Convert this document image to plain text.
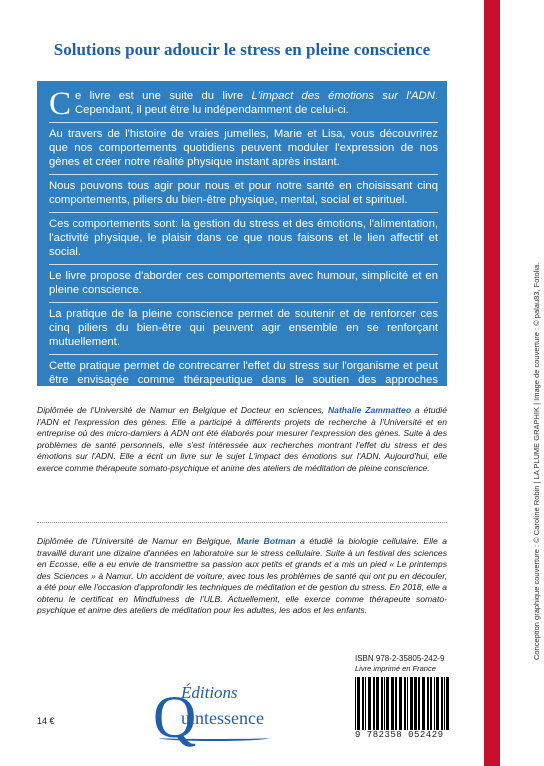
Solutions pour adoucir le stress en pleine conscience

Ce livre est une suite du livre L'impact des émotions sur l'ADN. Cependant, il peut être lu indépendamment de celui-ci.

Au travers de l'histoire de vraies jumelles, Marie et Lisa, vous découvrirez que nos comportements quotidiens peuvent moduler l'expression de nos gènes et créer notre réalité physique instant après instant.

Nous pouvons tous agir pour nous et pour notre santé en choisissant cinq comportements, piliers du bien-être physique, mental, social et spirituel.

Ces comportements sont: la gestion du stress et des émotions, l'alimentation, l'activité physique, le plaisir dans ce que nous faisons et le lien affectif et social.

Le livre propose d'aborder ces comportements avec humour, simplicité et en pleine conscience.

La pratique de la pleine conscience permet de soutenir et de renforcer ces cinq piliers du bien-être qui peuvent agir ensemble en se renforçant mutuellement.

Cette pratique permet de contrecarrer l'effet du stress sur l'organisme et peut être envisagée comme thérapeutique dans le soutien des approches médicales et psychologiques.

Diplômée de l'Université de Namur en Belgique et Docteur en sciences, Nathalie Zammatteo a étudié l'ADN et l'expression des gènes. Elle a participé à différents projets de recherche à l'Université et en entreprise où des micro-damiers à ADN ont été élaborés pour mesurer l'expression des gènes. Suite à des problèmes de santé personnels, elle s'est intéressée aux recherches montrant l'effet du stress et des émotions sur l'ADN. Elle a écrit un livre sur le sujet L'impact des émotions sur l'ADN. Aujourd'hui, elle exerce comme thérapeute somato-psychique et anime des ateliers de méditation de pleine conscience.
Diplômée de l'Université de Namur en Belgique, Marie Botman a étudié la biologie cellulaire. Elle a travaillé durant une dizaine d'années en laboratoire sur le stress cellulaire. Suite à un festival des sciences en Ecosse, elle a eu envie de transmettre sa passion aux petits et grands et a mis un pied « Le printemps des Sciences » à Namur. Un accident de voiture, avec tous les problèmes de santé qui ont pu en découler, a été pour elle l'occasion d'approfondir les techniques de méditation et de gestion du stress. En 2018, elle a obtenu le certificat en Mindfulness de l'ULB. Actuellement, elle exerce comme thérapeute somato-psychique et anime des ateliers de méditation pour les adultes, les ados et les enfants.	Conception graphique couverture : © Caroline Robin | LA PLUME GRAPHIK | Image de couverture : © palau83, Fotolia.
ISBN 978-2-35805-242-9
Livre imprimé en France
9 782358 052429
14 € Q
Éditions
uintessence
